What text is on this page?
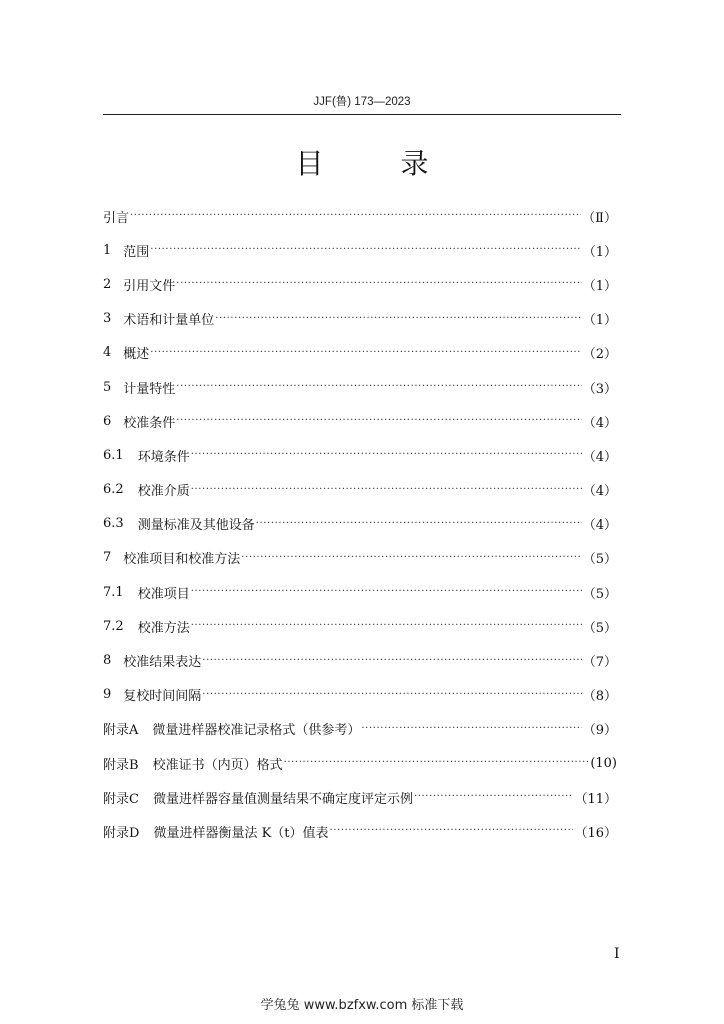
JJF(鲁) 173—2023
目 录
引言 ·····	（Ⅱ）
1 范围 ·····	（1）
2 引用文件 ·····	（1）
3 术语和计量单位 ·····	（1）
4 概述 ·····	（2）
5 计量特性 ·····	（3）
6 校准条件 ·····	（4）
6.1 环境条件 ·····	（4）
6.2 校准介质 ·····	（4）
6.3 测量标准及其他设备 ·····	（4）
7 校准项目和校准方法 ·····	（5）
7.1 校准项目 ·····	（5）
7.2 校准方法 ·····	（5）
8 校准结果表达 ·····	（7）
9 复校时间间隔 ·····	（8）
附录A 微量进样器校准记录格式（供参考） ·····	（9）
附录B 校准证书（内页）格式 ·····	(10)
附录C 微量进样器容量值测量结果不确定度评定示例 ·····	（11）
附录D 微量进样器衡量法 K（t）值表 ·····	（16）
I
学兔兔 www.bzfxw.com 标准下载
